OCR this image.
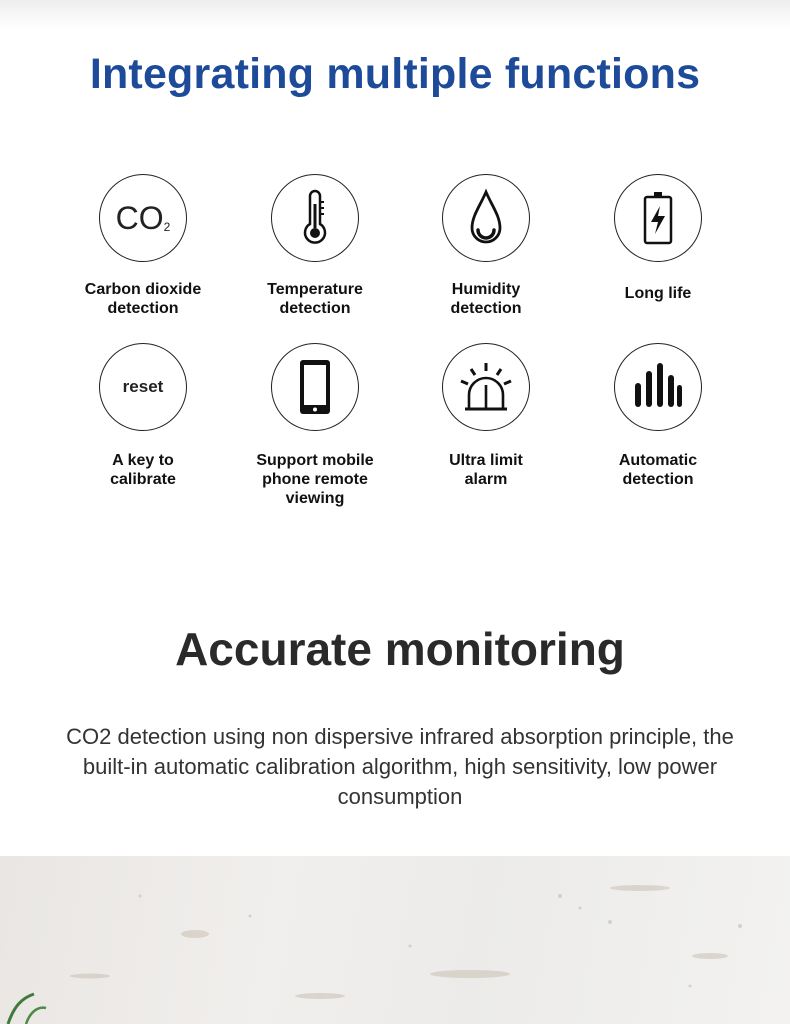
Integrating multiple functions
$CO_2$
Carbon dioxide
detection
Temperature
detection
Humidity
detection
Long life
reset
A key to
calibrate
Support mobile
phone remote
viewing
Ultra limit
alarm
Automatic
detection
Accurate monitoring

CO2 detection using non dispersive infrared absorption principle, the built-in automatic calibration algorithm, high sensitivity, low power consumption
